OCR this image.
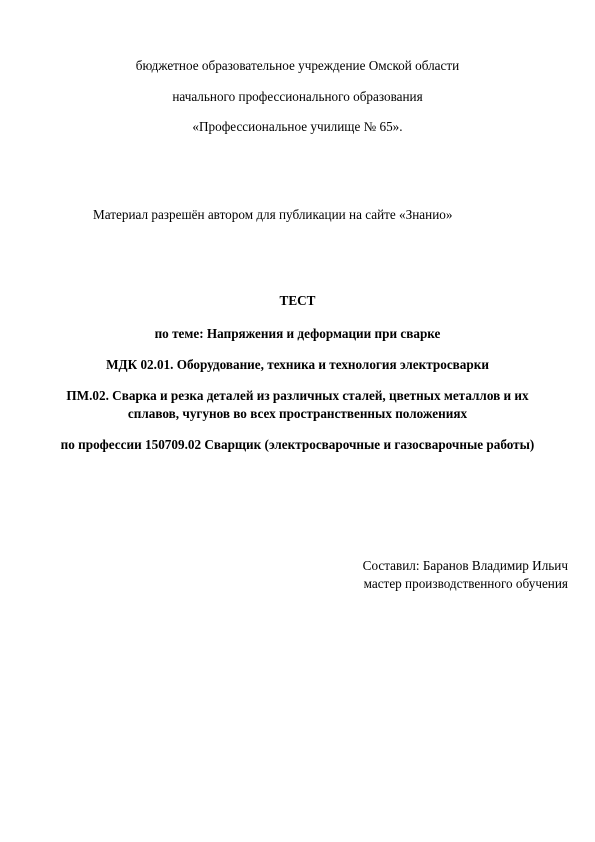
бюджетное образовательное учреждение Омской области
начального профессионального образования
«Профессиональное училище № 65».
Материал разрешён автором для публикации на сайте «Знанио»
ТЕСТ
по теме: Напряжения и деформации при сварке
МДК 02.01. Оборудование, техника и технология электросварки
ПМ.02. Сварка и резка деталей из различных сталей, цветных металлов и их
сплавов, чугунов во всех пространственных положениях
по профессии 150709.02 Сварщик (электросварочные и газосварочные работы)
Составил: Баранов Владимир Ильич
мастер производственного обучения
